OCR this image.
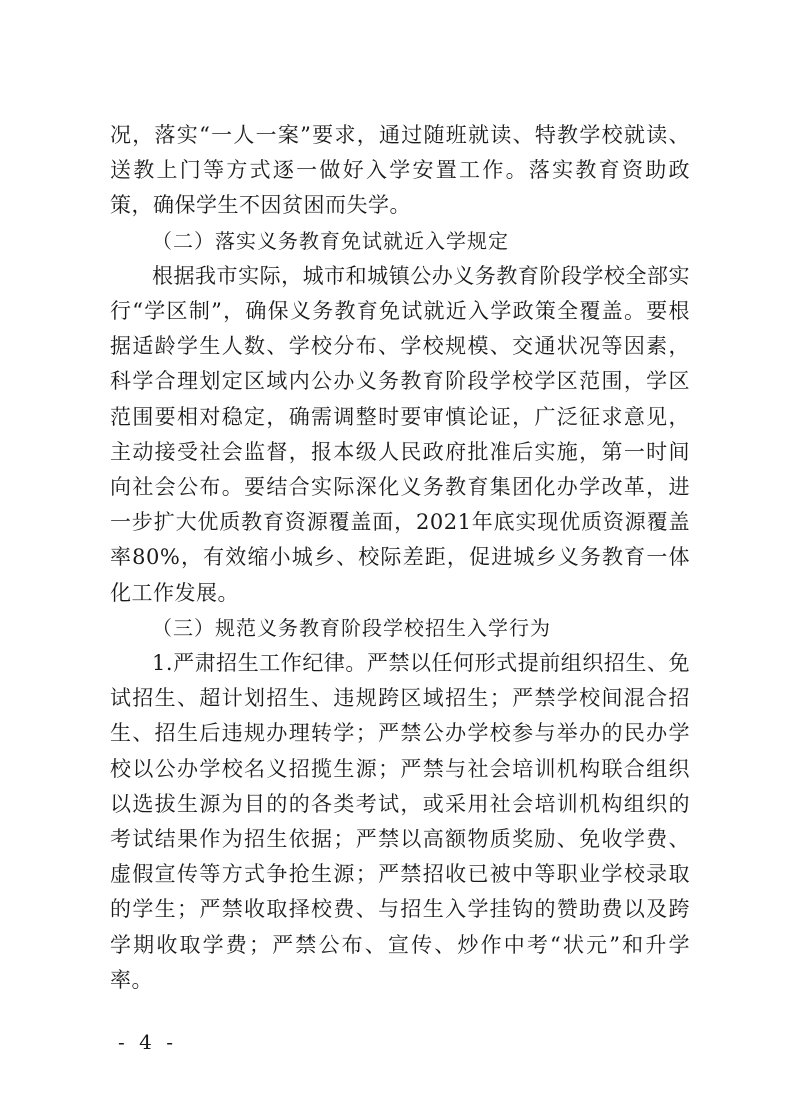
况，落实“一人一案”要求，通过随班就读、特教学校就读、送教上门等方式逐一做好入学安置工作。落实教育资助政策，确保学生不因贫困而失学。

（二）落实义务教育免试就近入学规定

根据我市实际，城市和城镇公办义务教育阶段学校全部实行“学区制”，确保义务教育免试就近入学政策全覆盖。要根据适龄学生人数、学校分布、学校规模、交通状况等因素，科学合理划定区域内公办义务教育阶段学校学区范围，学区范围要相对稳定，确需调整时要审慎论证，广泛征求意见，主动接受社会监督，报本级人民政府批准后实施，第一时间向社会公布。要结合实际深化义务教育集团化办学改革，进一步扩大优质教育资源覆盖面，2021年底实现优质资源覆盖率80%，有效缩小城乡、校际差距，促进城乡义务教育一体化工作发展。

（三）规范义务教育阶段学校招生入学行为

1.严肃招生工作纪律。严禁以任何形式提前组织招生、免试招生、超计划招生、违规跨区域招生；严禁学校间混合招生、招生后违规办理转学；严禁公办学校参与举办的民办学校以公办学校名义招揽生源；严禁与社会培训机构联合组织以选拔生源为目的的各类考试，或采用社会培训机构组织的考试结果作为招生依据；严禁以高额物质奖励、免收学费、虚假宣传等方式争抢生源；严禁招收已被中等职业学校录取的学生；严禁收取择校费、与招生入学挂钩的赞助费以及跨学期收取学费；严禁公布、宣传、炒作中考“状元”和升学率。

- 4 -
